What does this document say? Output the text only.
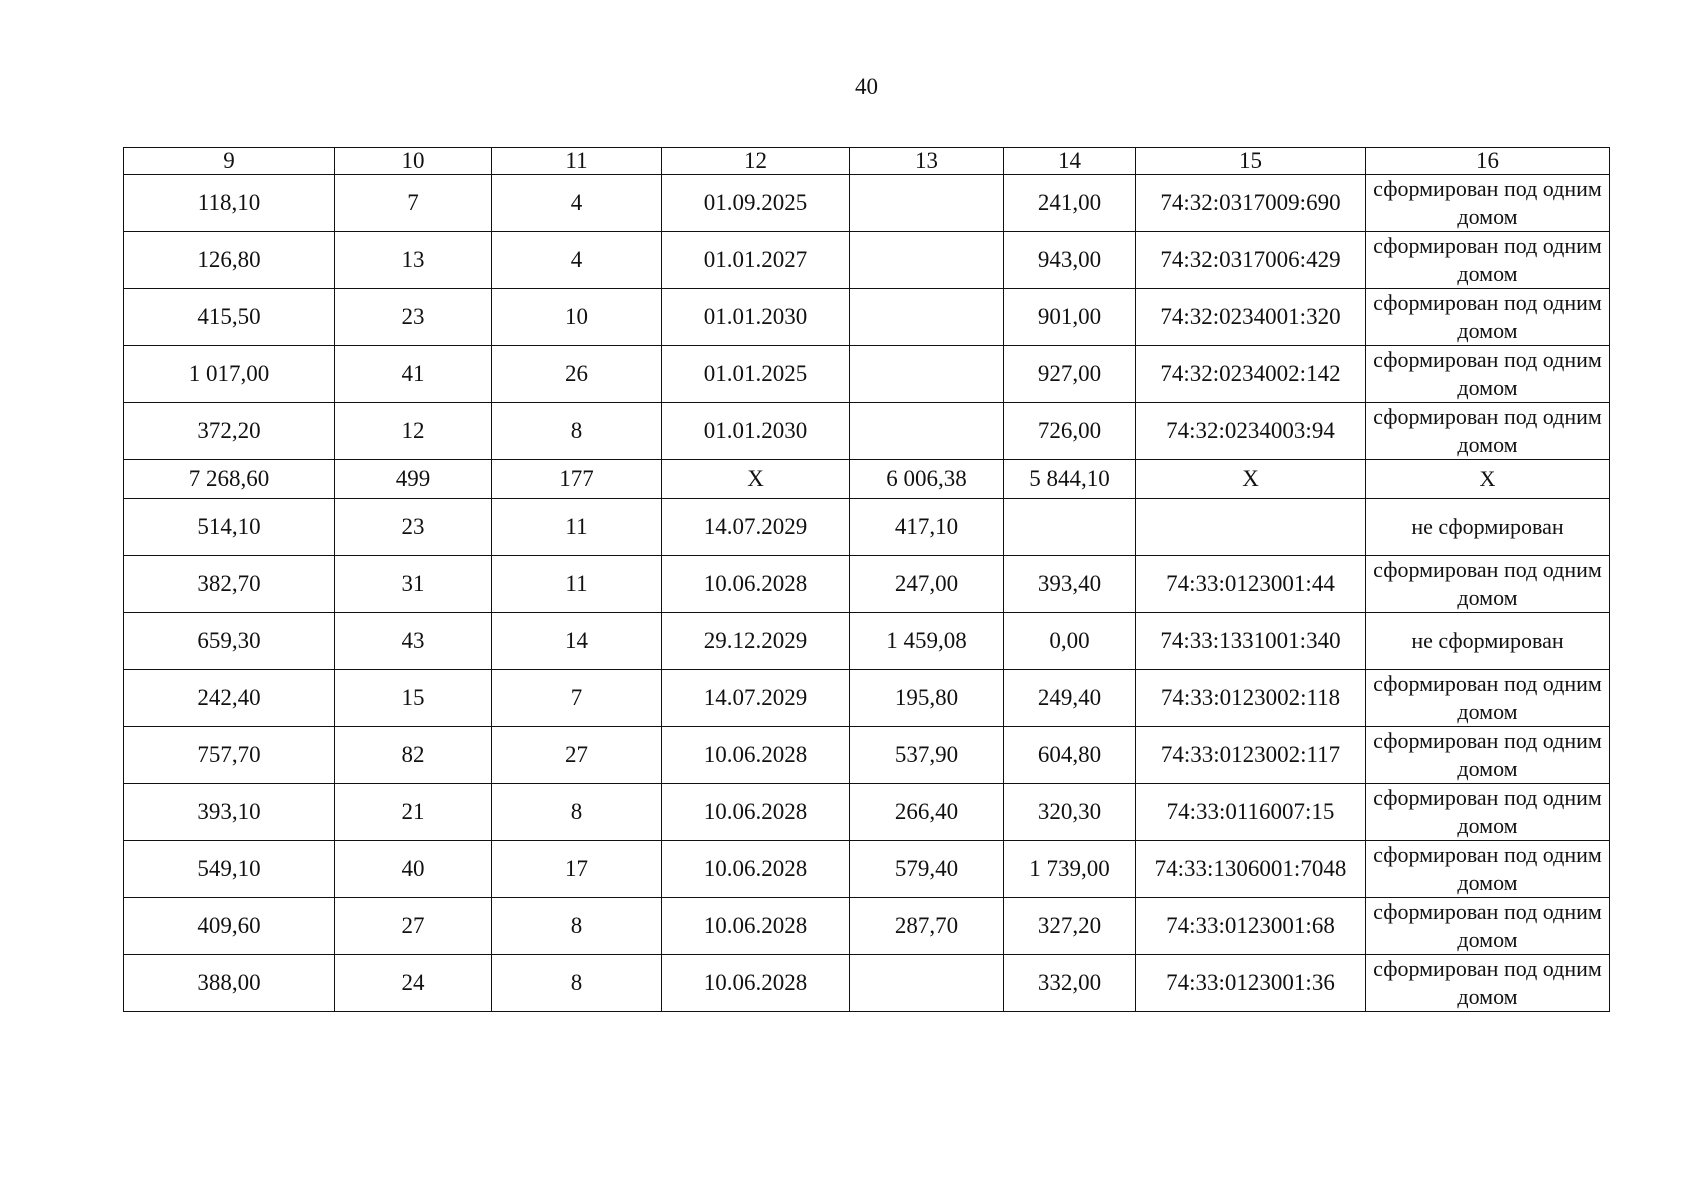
40
9	10	11	12	13	14	15	16
118,10	7	4	01.09.2025		241,00	74:32:0317009:690	сформирован под одним домом
126,80	13	4	01.01.2027		943,00	74:32:0317006:429	сформирован под одним домом
415,50	23	10	01.01.2030		901,00	74:32:0234001:320	сформирован под одним домом
1 017,00	41	26	01.01.2025		927,00	74:32:0234002:142	сформирован под одним домом
372,20	12	8	01.01.2030		726,00	74:32:0234003:94	сформирован под одним домом
7 268,60	499	177	X	6 006,38	5 844,10	X	X
514,10	23	11	14.07.2029	417,10			не сформирован
382,70	31	11	10.06.2028	247,00	393,40	74:33:0123001:44	сформирован под одним домом
659,30	43	14	29.12.2029	1 459,08	0,00	74:33:1331001:340	не сформирован
242,40	15	7	14.07.2029	195,80	249,40	74:33:0123002:118	сформирован под одним домом
757,70	82	27	10.06.2028	537,90	604,80	74:33:0123002:117	сформирован под одним домом
393,10	21	8	10.06.2028	266,40	320,30	74:33:0116007:15	сформирован под одним домом
549,10	40	17	10.06.2028	579,40	1 739,00	74:33:1306001:7048	сформирован под одним домом
409,60	27	8	10.06.2028	287,70	327,20	74:33:0123001:68	сформирован под одним домом
388,00	24	8	10.06.2028		332,00	74:33:0123001:36	сформирован под одним домом
